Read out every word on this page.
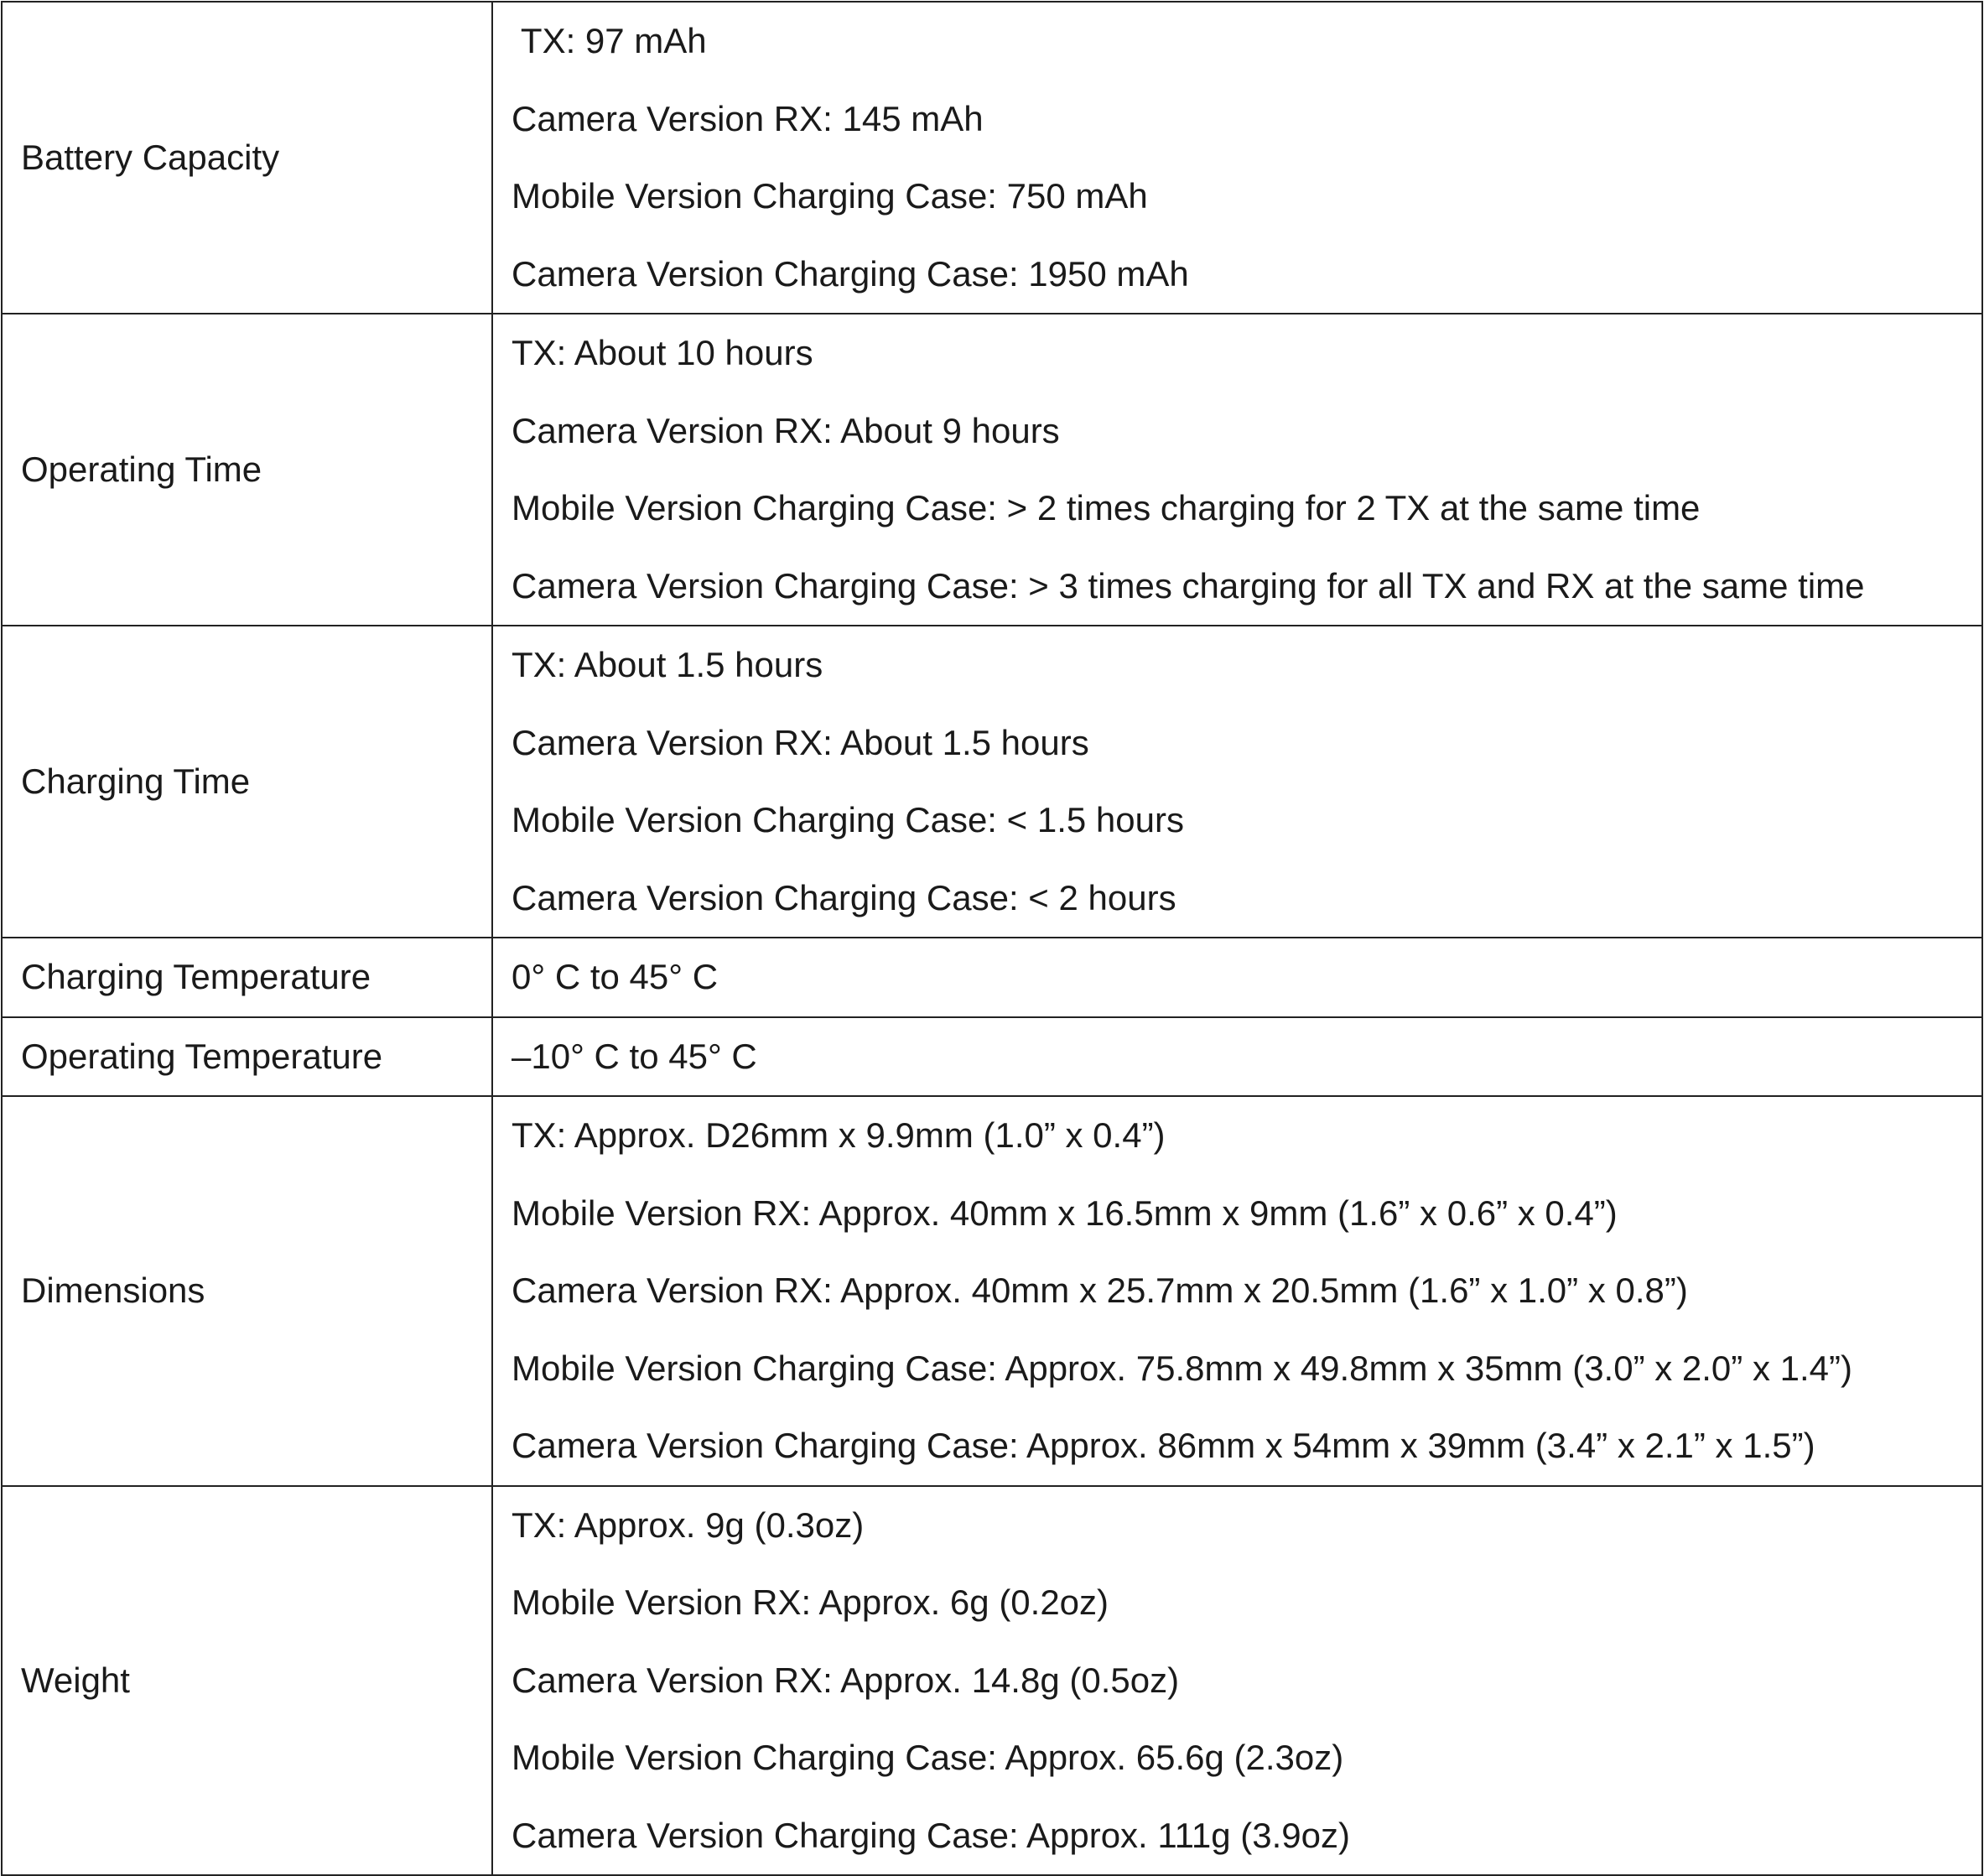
Battery Capacity	TX: 97 mAh
Camera Version RX: 145 mAh
Mobile Version Charging Case: 750 mAh
Camera Version Charging Case: 1950 mAh

Operating Time	TX: About 10 hours
Camera Version RX: About 9 hours
Mobile Version Charging Case: > 2 times charging for 2 TX at the same time
Camera Version Charging Case: > 3 times charging for all TX and RX at the same time

Charging Time	TX: About 1.5 hours
Camera Version RX: About 1.5 hours
Mobile Version Charging Case: < 1.5 hours
Camera Version Charging Case: < 2 hours

Charging Temperature	0° C to 45° C

Operating Temperature	–10° C to 45° C

Dimensions	TX: Approx. D26mm x 9.9mm (1.0” x 0.4”)
Mobile Version RX: Approx. 40mm x 16.5mm x 9mm (1.6” x 0.6” x 0.4”)
Camera Version RX: Approx. 40mm x 25.7mm x 20.5mm (1.6” x 1.0” x 0.8”)
Mobile Version Charging Case: Approx. 75.8mm x 49.8mm x 35mm (3.0” x 2.0” x 1.4”)
Camera Version Charging Case: Approx. 86mm x 54mm x 39mm (3.4” x 2.1” x 1.5”)

Weight	TX: Approx. 9g (0.3oz)
Mobile Version RX: Approx. 6g (0.2oz)
Camera Version RX: Approx. 14.8g (0.5oz)
Mobile Version Charging Case: Approx. 65.6g (2.3oz)
Camera Version Charging Case: Approx. 111g (3.9oz)
